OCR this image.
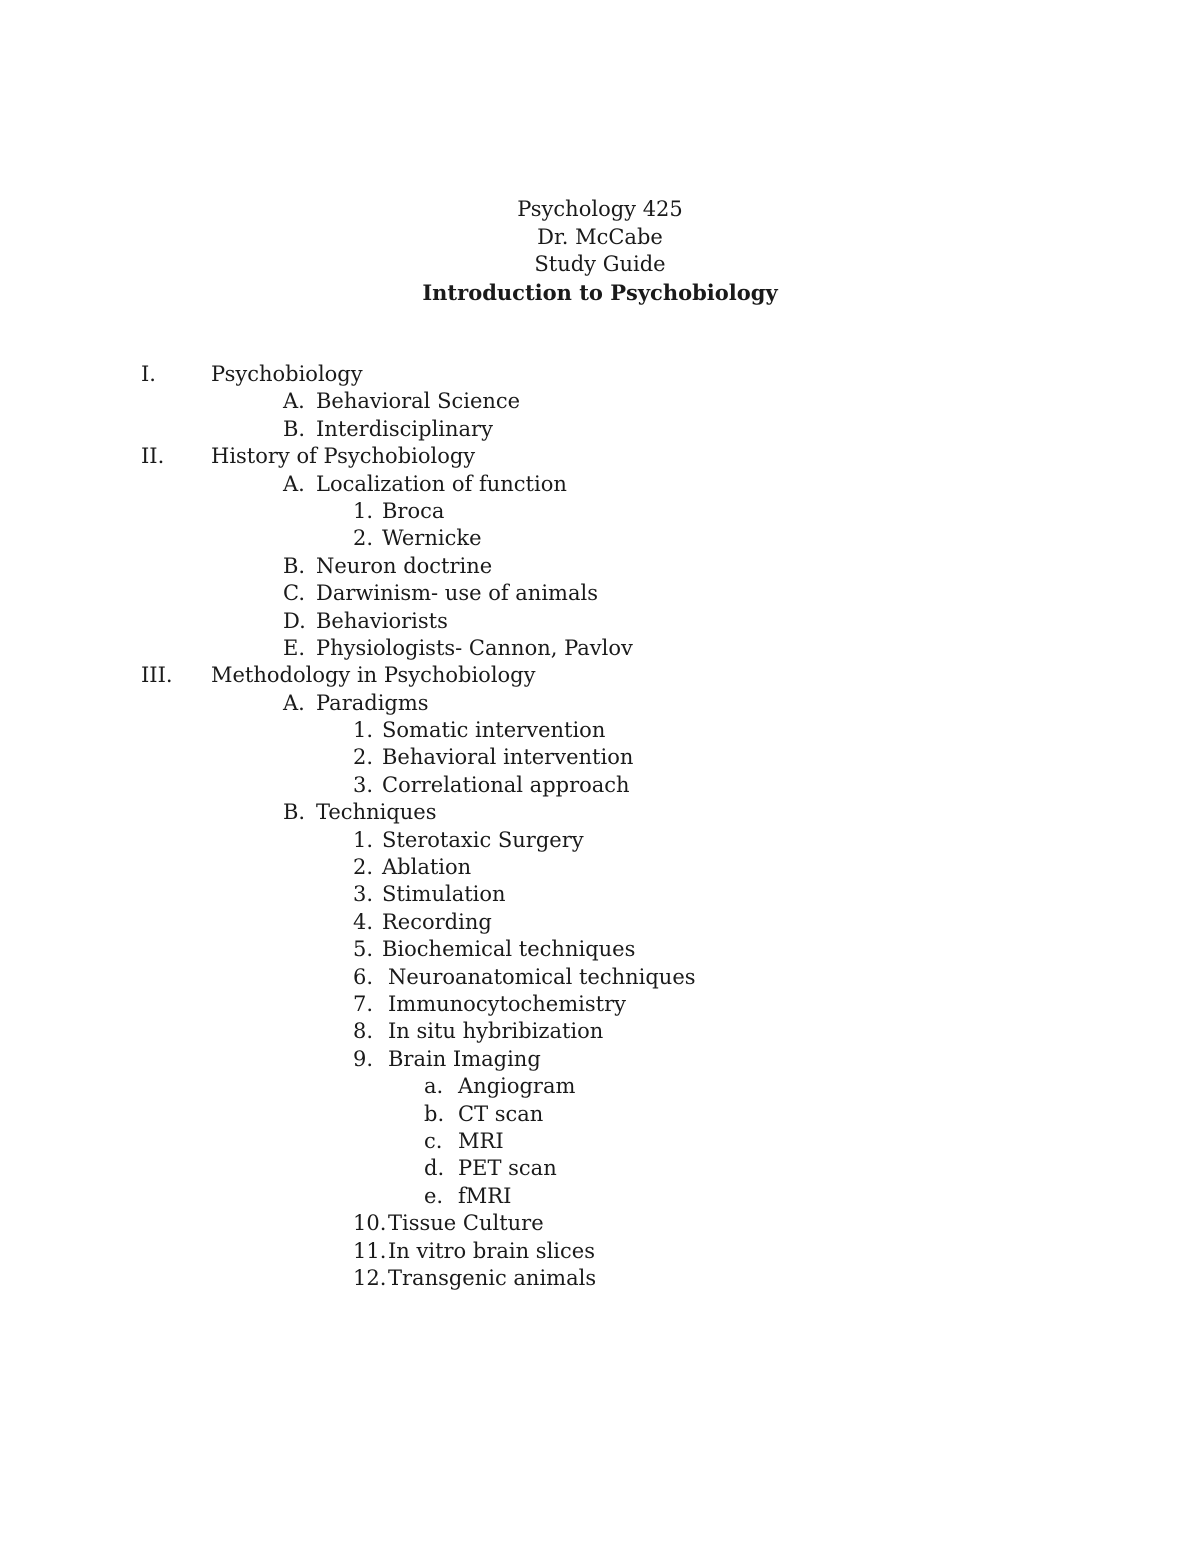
Psychology 425
Dr. McCabe
Study Guide
Introduction to Psychobiology
I.	Psychobiology
A. Behavioral Science
B. Interdisciplinary
II. History of Psychobiology
A. Localization of function
1. Broca
2. Wernicke
B. Neuron doctrine
C. Darwinism- use of animals
D. Behaviorists
E. Physiologists- Cannon, Pavlov
III. Methodology in Psychobiology
A. Paradigms
1. Somatic intervention
2. Behavioral intervention
3. Correlational approach
B. Techniques
1. Sterotaxic Surgery
2. Ablation
3. Stimulation
4. Recording
5. Biochemical techniques
6. Neuroanatomical techniques
7. Immunocytochemistry
8. In situ hybribization
9. Brain Imaging
a. Angiogram
b. CT scan
c. MRI
d. PET scan
e. fMRI
10. Tissue Culture
11. In vitro brain slices
12. Transgenic animals
